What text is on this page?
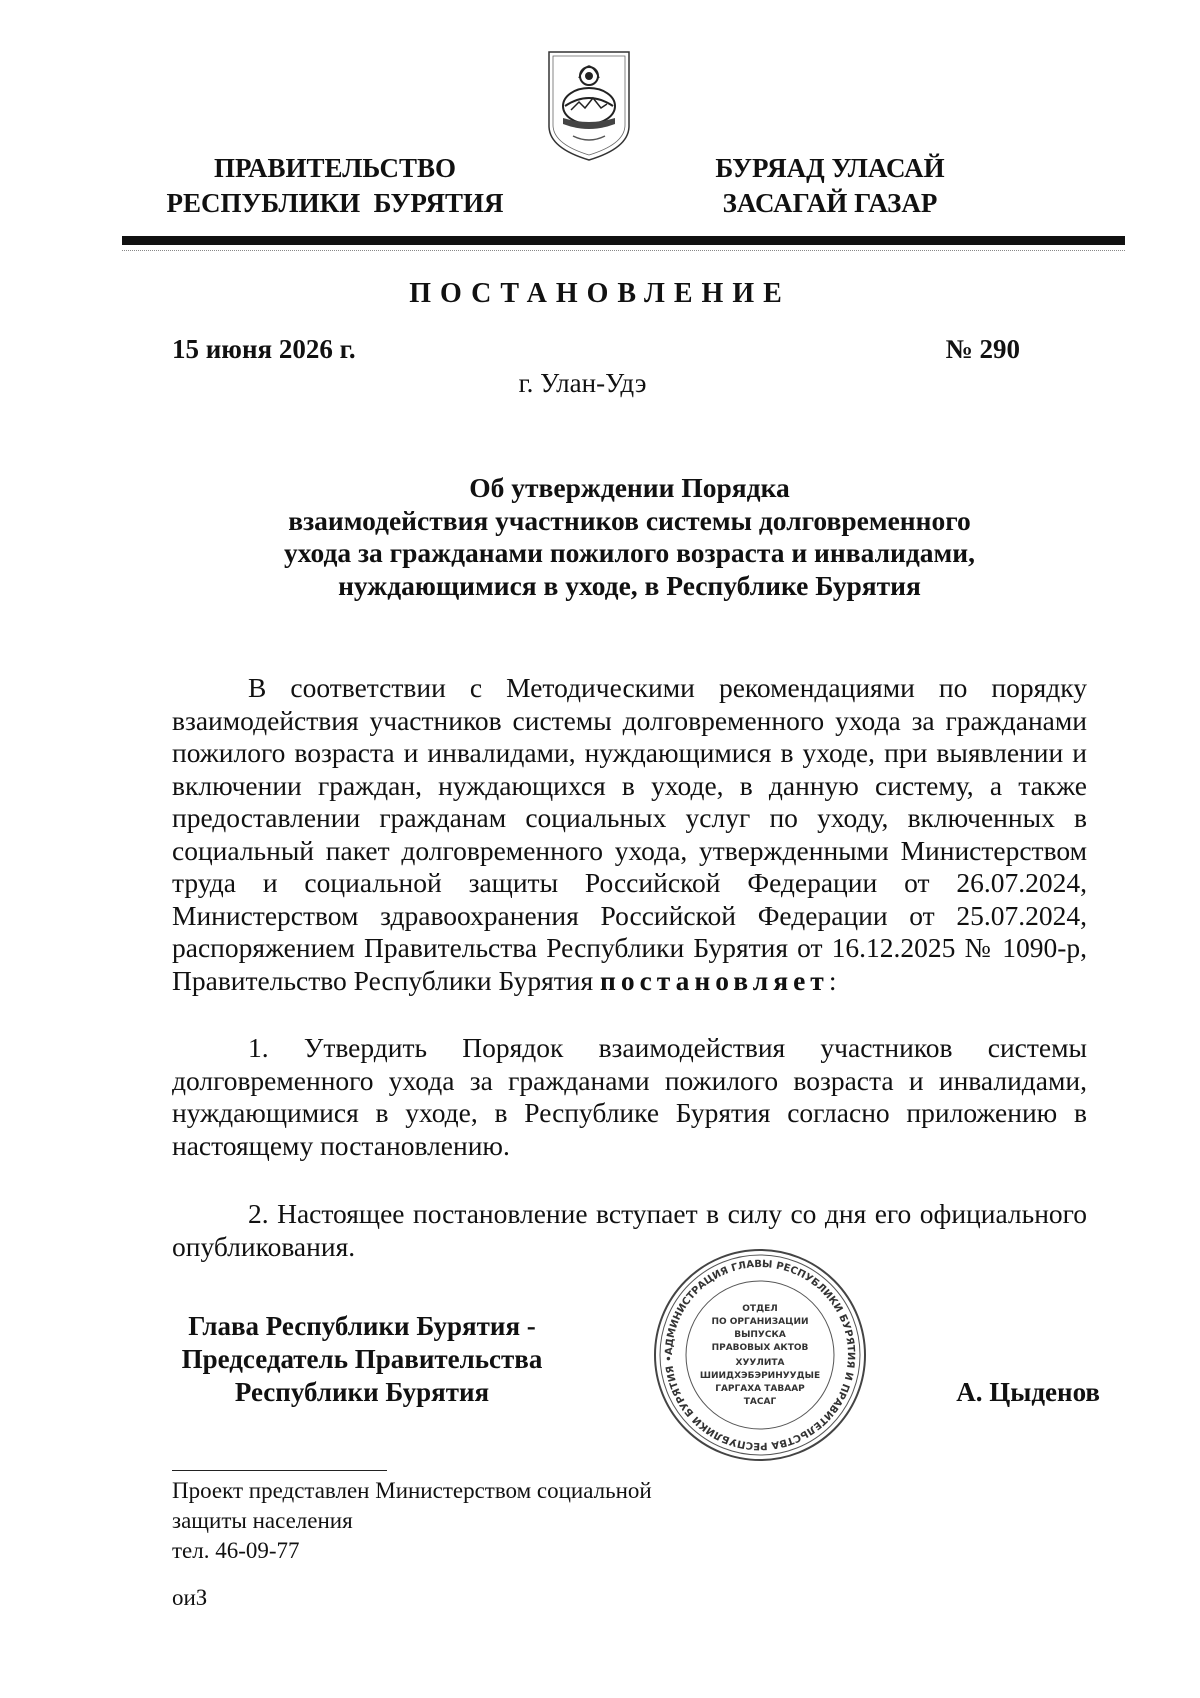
ПРАВИТЕЛЬСТВО
РЕСПУБЛИКИ  БУРЯТИЯ
БУРЯАД УЛАСАЙ
ЗАСАГАЙ ГАЗАР
ПОСТАНОВЛЕНИЕ
15 июня 2026 г.	№ 290
г. Улан-Удэ
Об утверждении Порядка
взаимодействия участников системы долговременного
ухода за гражданами пожилого возраста и инвалидами,
нуждающимися в уходе, в Республике Бурятия
В соответствии с Методическими рекомендациями по порядку взаимодействия участников системы долговременного ухода за гражданами пожилого возраста и инвалидами, нуждающимися в уходе, при выявлении и включении граждан, нуждающихся в уходе, в данную систему, а также предоставлении гражданам социальных услуг по уходу, включенных в социальный пакет долговременного ухода, утвержденными Министерством труда и социальной защиты Российской Федерации от 26.07.2024, Министерством здравоохранения Российской Федерации от 25.07.2024, распоряжением Правительства Республики Бурятия от 16.12.2025 № 1090-р, Правительство Республики Бурятия постановляет:
1. Утвердить Порядок взаимодействия участников системы долговременного ухода за гражданами пожилого возраста и инвалидами, нуждающимися в уходе, в Республике Бурятия согласно приложению в настоящему постановлению.
2. Настоящее постановление вступает в силу со дня его официального опубликования.
Глава Республики Бурятия -
Председатель Правительства
Республики Бурятия	А. Цыденов
АДМИНИСТРАЦИЯ ГЛАВЫ РЕСПУБЛИКИ БУРЯТИЯ И ПРАВИТЕЛЬСТВА РЕСПУБЛИКИ БУРЯТИЯ •
ОТДЕЛ
ПО ОРГАНИЗАЦИИ
ВЫПУСКА
ПРАВОВЫХ АКТОВ
ХУУЛИТА
ШИИДХЭБЭРИНУУДЫЕ
ГАРГАХА ТАВААР
ТАСАГ
Проект представлен Министерством социальной
защиты населения
тел. 46-09-77
оиЗ
